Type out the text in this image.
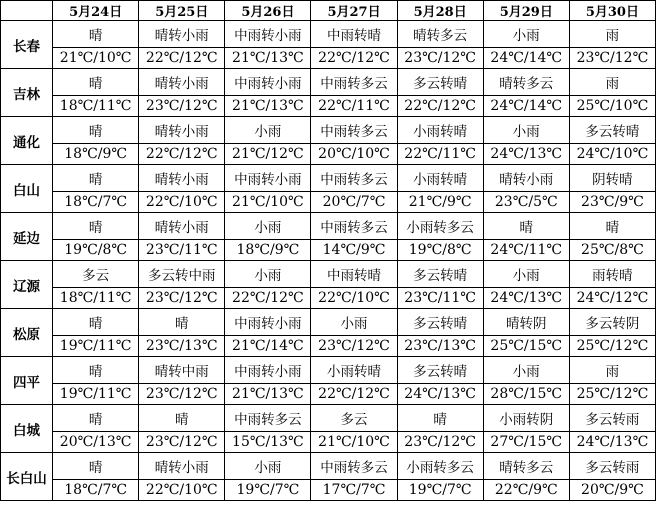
	5月24日	5月25日	5月26日	5月27日	5月28日	5月29日	5月30日
长春	晴	晴转小雨	中雨转小雨	中雨转晴	晴转多云	小雨	雨
	21℃/10℃	22℃/12℃	21℃/13℃	22℃/12℃	23℃/12℃	24℃/14℃	23℃/12℃
吉林	晴	晴转小雨	中雨转小雨	中雨转多云	多云转晴	晴转多云	雨
	18℃/11℃	23℃/12℃	21℃/13℃	22℃/11℃	22℃/12℃	24℃/14℃	25℃/10℃
通化	晴	晴转小雨	小雨	中雨转多云	小雨转晴	小雨	多云转晴
	18℃/9℃	22℃/12℃	21℃/12℃	20℃/10℃	22℃/11℃	24℃/13℃	24℃/10℃
白山	晴	晴转小雨	中雨转小雨	中雨转多云	小雨转晴	晴转小雨	阴转晴
	18℃/7℃	22℃/10℃	21℃/10℃	20℃/7℃	21℃/9℃	23℃/5℃	23℃/9℃
延边	晴	晴转小雨	小雨	中雨转多云	小雨转多云	晴	晴
	19℃/8℃	23℃/11℃	18℃/9℃	14℃/9℃	19℃/8℃	24℃/11℃	25℃/8℃
辽源	多云	多云转中雨	小雨	中雨转晴	多云转晴	小雨	雨转晴
	18℃/11℃	23℃/12℃	22℃/12℃	22℃/10℃	23℃/11℃	24℃/13℃	24℃/12℃
松原	晴	晴	中雨转小雨	小雨	多云转晴	晴转阴	多云转阴
	19℃/11℃	23℃/13℃	21℃/14℃	23℃/12℃	23℃/13℃	25℃/15℃	25℃/12℃
四平	晴	晴转中雨	中雨转小雨	小雨转晴	多云转晴	小雨	雨
	19℃/11℃	23℃/12℃	21℃/13℃	22℃/12℃	24℃/13℃	28℃/15℃	25℃/12℃
白城	晴	晴	中雨转多云	多云	晴	小雨转阴	多云转雨
	20℃/13℃	23℃/12℃	15℃/13℃	21℃/10℃	23℃/12℃	27℃/15℃	24℃/13℃
长白山	晴	晴转小雨	小雨	中雨转多云	小雨转多云	晴转多云	多云转雨
	18℃/7℃	22℃/10℃	19℃/7℃	17℃/7℃	19℃/7℃	22℃/9℃	20℃/9℃
